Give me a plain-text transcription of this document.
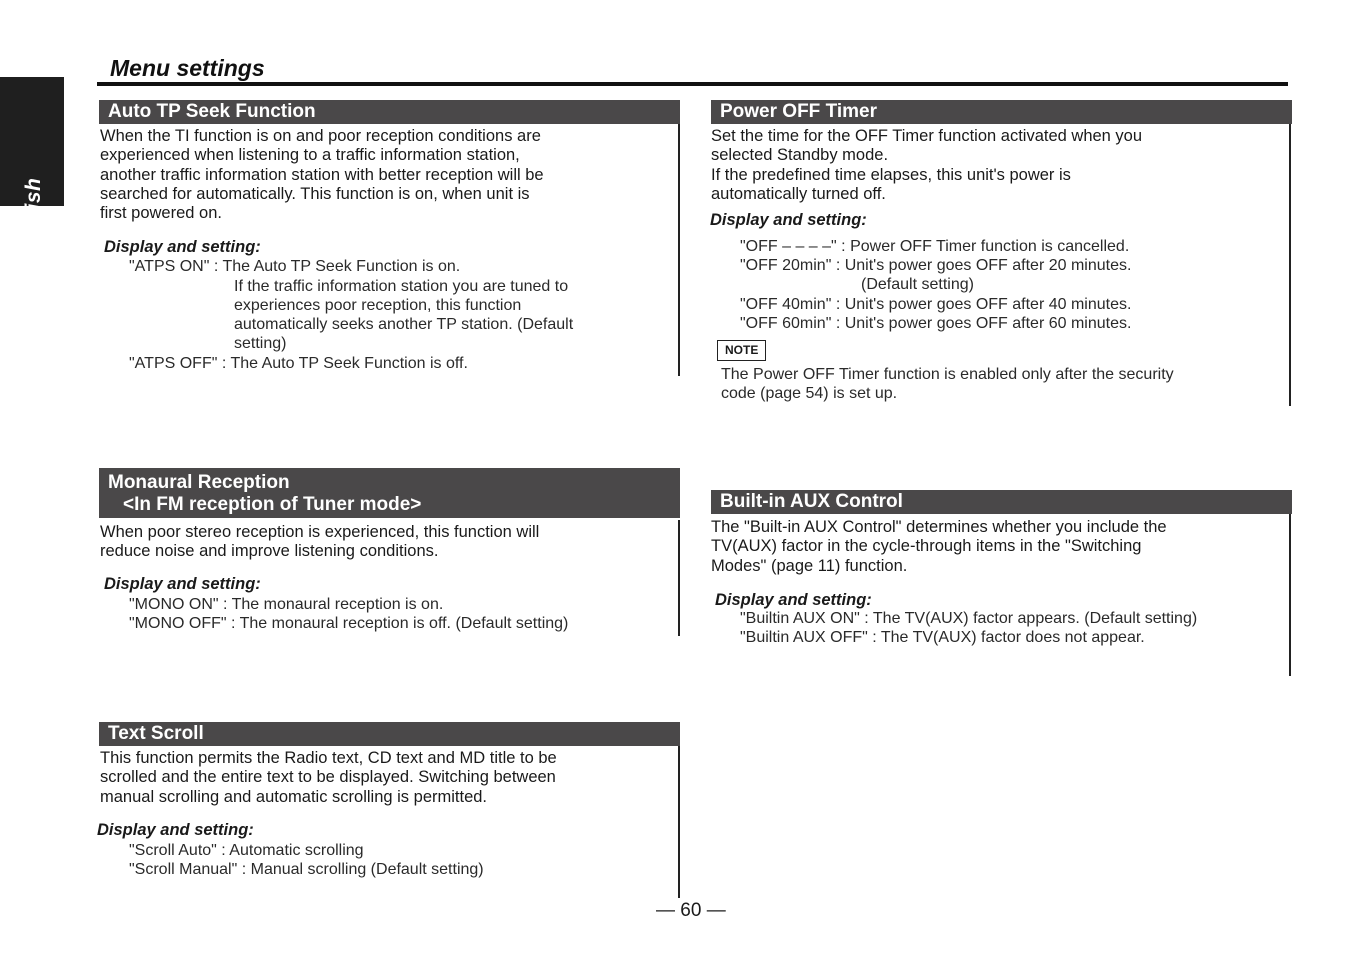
English
Menu settings
Auto TP Seek Function
When the TI function is on and poor reception conditions are
experienced when listening to a traffic information station,
another traffic information station with better reception will be
searched for automatically. This function is on, when unit is
first powered on.
Display and setting:
"ATPS ON" : The Auto TP Seek Function is on.
If the traffic information station you are tuned to
experiences poor reception, this function
automatically seeks another TP station. (Default
setting)
"ATPS OFF" : The Auto TP Seek Function is off.
Power OFF Timer
Set the time for the OFF Timer function activated when you
selected Standby mode.
If the predefined time elapses, this unit's power is
automatically turned off.
Display and setting:
"OFF – – – –" : Power OFF Timer function is cancelled.
"OFF 20min" : Unit's power goes OFF after 20 minutes.
(Default setting)
"OFF 40min" : Unit's power goes OFF after 40 minutes.
"OFF 60min" : Unit's power goes OFF after 60 minutes.
NOTE
The Power OFF Timer function is enabled only after the security
code (page 54) is set up.
Monaural Reception
<In FM reception of Tuner mode>
When poor stereo reception is experienced, this function will
reduce noise and improve listening conditions.
Display and setting:
"MONO ON" : The monaural reception is on.
"MONO OFF" : The monaural reception is off. (Default setting)
Built-in AUX Control
The "Built-in AUX Control" determines whether you include the
TV(AUX) factor in the cycle-through items in the "Switching
Modes" (page 11) function.
Display and setting:
"Builtin AUX ON" : The TV(AUX) factor appears. (Default setting)
"Builtin AUX OFF" : The TV(AUX) factor does not appear.
Text Scroll
This function permits the Radio text, CD text and MD title to be
scrolled and the entire text to be displayed. Switching between
manual scrolling and automatic scrolling is permitted.
Display and setting:
"Scroll Auto" : Automatic scrolling
"Scroll Manual" : Manual scrolling (Default setting)
— 60 —
